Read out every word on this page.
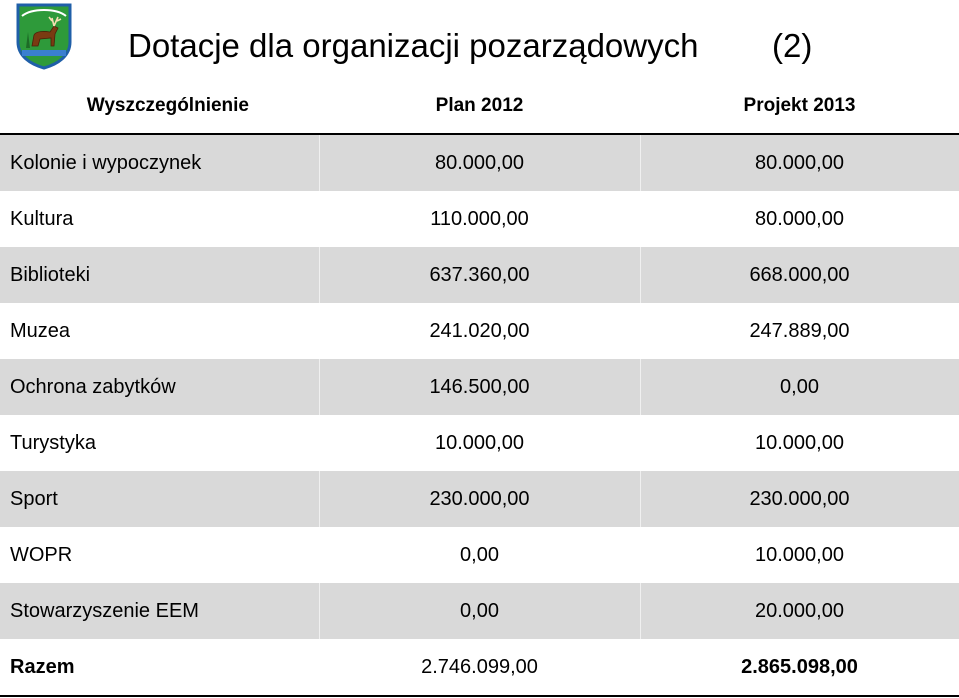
Dotacje dla organizacji pozarządowych (2)
Wyszczególnienie	Plan 2012	Projekt 2013
Kolonie i wypoczynek	80.000,00	80.000,00
Kultura	110.000,00	80.000,00
Biblioteki	637.360,00	668.000,00
Muzea	241.020,00	247.889,00
Ochrona zabytków	146.500,00	0,00
Turystyka	10.000,00	10.000,00
Sport	230.000,00	230.000,00
WOPR	0,00	10.000,00
Stowarzyszenie EEM	0,00	20.000,00
Razem	2.746.099,00	2.865.098,00
